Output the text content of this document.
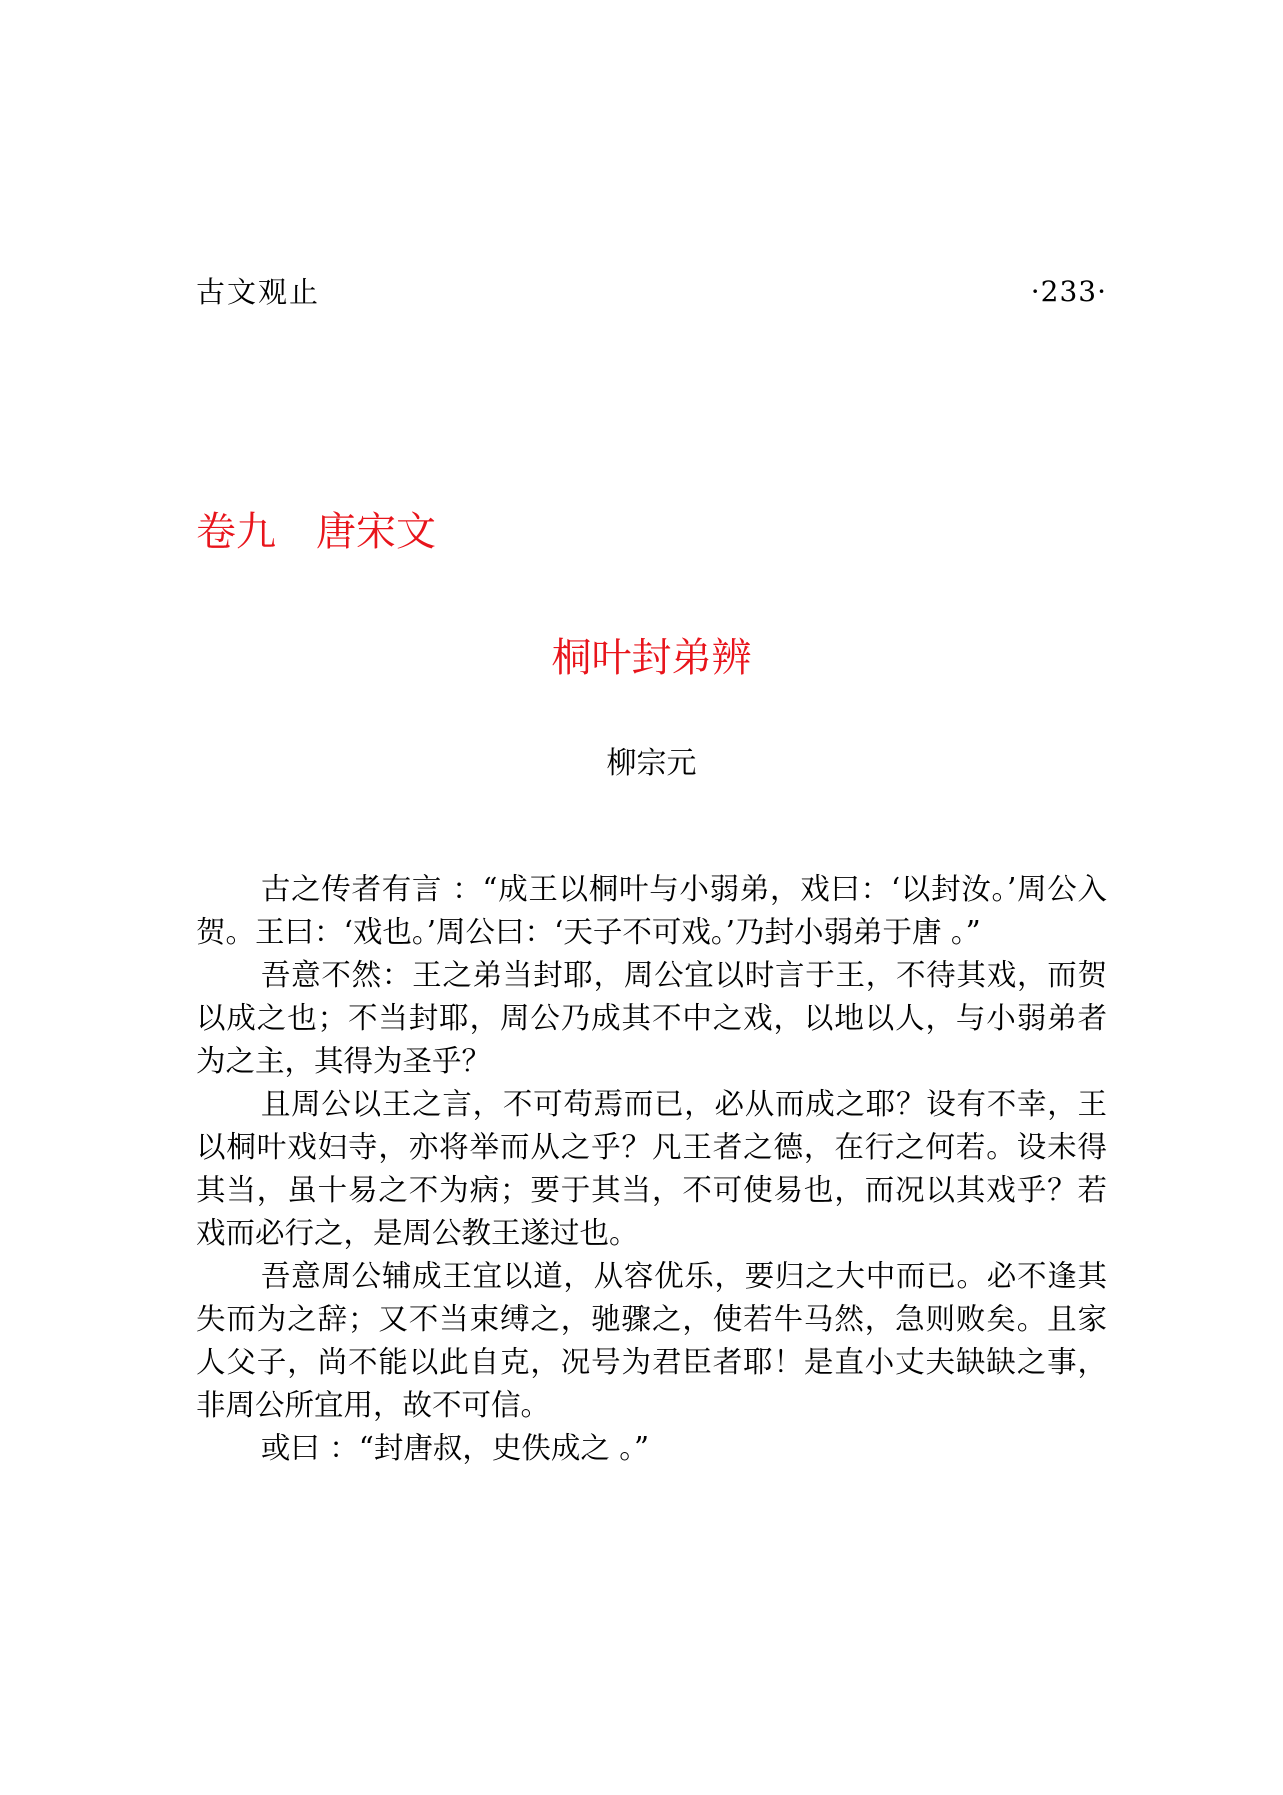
古文观止	·233·
卷九　唐宋文
桐叶封弟辨
柳宗元

古之传者有言 ：“成王以桐叶与小弱弟，戏曰：‘以封汝。’周公入贺。王曰：‘戏也。’周公曰：‘天子不可戏。’乃封小弱弟于唐 。”

吾意不然：王之弟当封耶，周公宜以时言于王，不待其戏，而贺以成之也；不当封耶，周公乃成其不中之戏，以地以人，与小弱弟者为之主，其得为圣乎？

且周公以王之言，不可苟焉而已，必从而成之耶？设有不幸，王以桐叶戏妇寺，亦将举而从之乎？凡王者之德，在行之何若。设未得其当，虽十易之不为病；要于其当，不可使易也，而况以其戏乎？若戏而必行之，是周公教王遂过也。

吾意周公辅成王宜以道，从容优乐，要归之大中而已。必不逢其失而为之辞；又不当束缚之，驰骤之，使若牛马然，急则败矣。且家人父子，尚不能以此自克，况号为君臣者耶！是直小丈夫缺缺之事，非周公所宜用，故不可信。

或曰 ：“封唐叔，史佚成之 。”
